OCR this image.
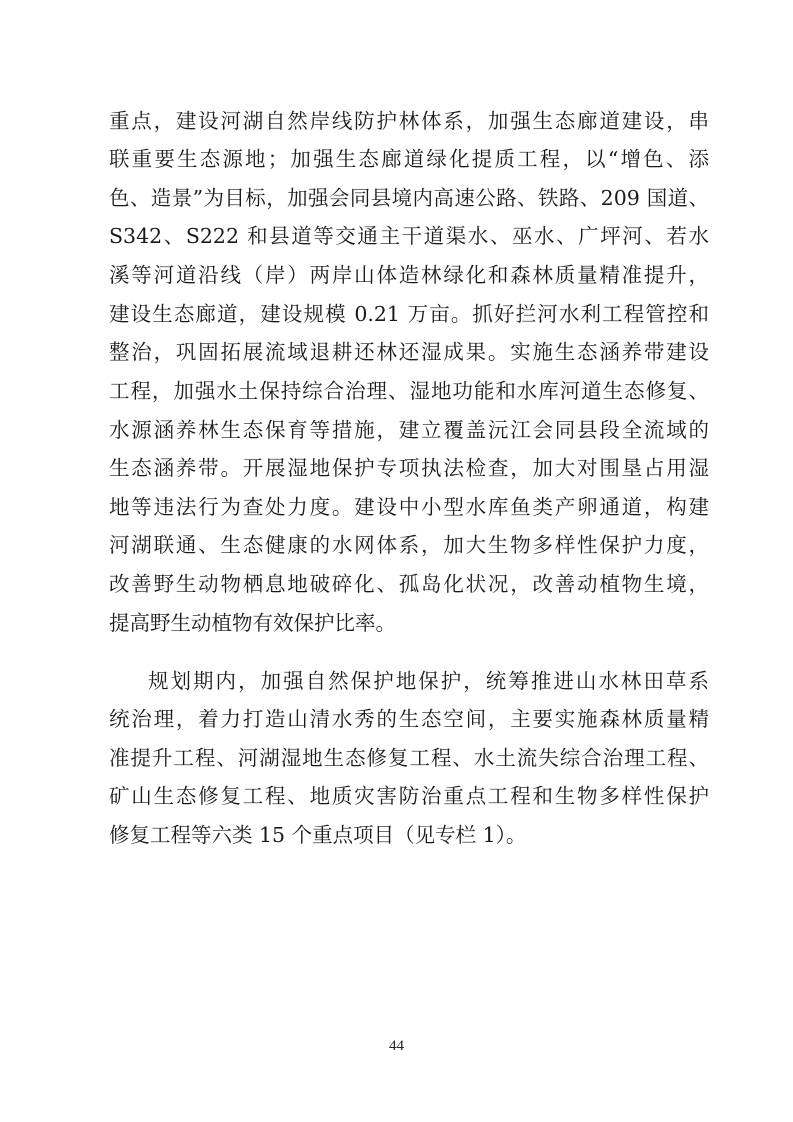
重点，建设河湖自然岸线防护林体系，加强生态廊道建设，串
联重要生态源地；加强生态廊道绿化提质工程，以“增色、添
色、造景”为目标，加强会同县境内高速公路、铁路、209 国道、
S342、S222 和县道等交通主干道渠水、巫水、广坪河、若水
溪等河道沿线（岸）两岸山体造林绿化和森林质量精准提升，
建设生态廊道，建设规模 0.21 万亩。抓好拦河水利工程管控和
整治，巩固拓展流域退耕还林还湿成果。实施生态涵养带建设
工程，加强水土保持综合治理、湿地功能和水库河道生态修复、
水源涵养林生态保育等措施，建立覆盖沅江会同县段全流域的
生态涵养带。开展湿地保护专项执法检查，加大对围垦占用湿
地等违法行为查处力度。建设中小型水库鱼类产卵通道，构建
河湖联通、生态健康的水网体系，加大生物多样性保护力度，
改善野生动物栖息地破碎化、孤岛化状况，改善动植物生境，
提高野生动植物有效保护比率。
规划期内，加强自然保护地保护，统筹推进山水林田草系
统治理，着力打造山清水秀的生态空间，主要实施森林质量精
准提升工程、河湖湿地生态修复工程、水土流失综合治理工程、
矿山生态修复工程、地质灾害防治重点工程和生物多样性保护
修复工程等六类 15 个重点项目（见专栏 1）。
44
